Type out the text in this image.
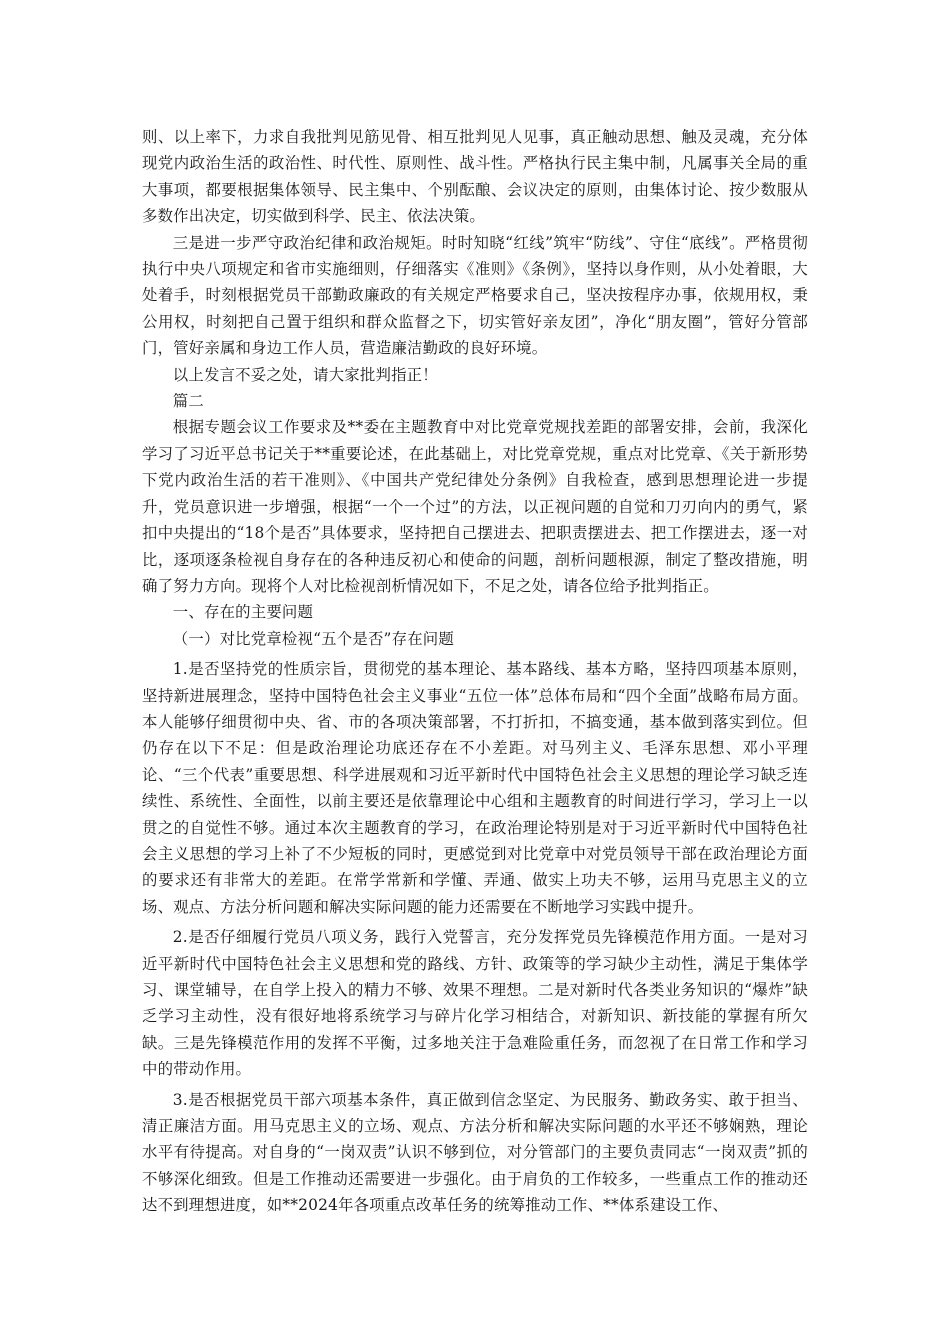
则、以上率下，力求自我批判见筋见骨、相互批判见人见事，真正触动思想、触及灵魂，充分体现党内政治生活的政治性、时代性、原则性、战斗性。严格执行民主集中制，凡属事关全局的重大事项，都要根据集体领导、民主集中、个别酝酿、会议决定的原则，由集体讨论、按少数服从多数作出决定，切实做到科学、民主、依法决策。

三是进一步严守政治纪律和政治规矩。时时知晓“红线”筑牢“防线”、守住“底线”。严格贯彻执行中央八项规定和省市实施细则，仔细落实《准则》《条例》，坚持以身作则，从小处着眼，大处着手，时刻根据党员干部勤政廉政的有关规定严格要求自己，坚决按程序办事，依规用权，秉公用权，时刻把自己置于组织和群众监督之下，切实管好亲友团”，净化“朋友圈”，管好分管部门，管好亲属和身边工作人员，营造廉洁勤政的良好环境。

以上发言不妥之处，请大家批判指正！

篇二

根据专题会议工作要求及**委在主题教育中对比党章党规找差距的部署安排，会前，我深化学习了习近平总书记关于**重要论述，在此基础上，对比党章党规，重点对比党章、《关于新形势下党内政治生活的若干准则》、《中国共产党纪律处分条例》自我检查，感到思想理论进一步提升，党员意识进一步增强，根据“一个一个过”的方法，以正视问题的自觉和刀刃向内的勇气，紧扣中央提出的“18个是否”具体要求，坚持把自己摆进去、把职责摆进去、把工作摆进去，逐一对比，逐项逐条检视自身存在的各种违反初心和使命的问题，剖析问题根源，制定了整改措施，明确了努力方向。现将个人对比检视剖析情况如下，不足之处，请各位给予批判指正。

一、存在的主要问题

（一）对比党章检视“五个是否”存在问题

1.是否坚持党的性质宗旨，贯彻党的基本理论、基本路线、基本方略，坚持四项基本原则，坚持新进展理念，坚持中国特色社会主义事业“五位一体”总体布局和“四个全面”战略布局方面。本人能够仔细贯彻中央、省、市的各项决策部署，不打折扣，不搞变通，基本做到落实到位。但仍存在以下不足：但是政治理论功底还存在不小差距。对马列主义、毛泽东思想、邓小平理论、“三个代表”重要思想、科学进展观和习近平新时代中国特色社会主义思想的理论学习缺乏连续性、系统性、全面性，以前主要还是依靠理论中心组和主题教育的时间进行学习，学习上一以贯之的自觉性不够。通过本次主题教育的学习，在政治理论特别是对于习近平新时代中国特色社会主义思想的学习上补了不少短板的同时，更感觉到对比党章中对党员领导干部在政治理论方面的要求还有非常大的差距。在常学常新和学懂、弄通、做实上功夫不够，运用马克思主义的立场、观点、方法分析问题和解决实际问题的能力还需要在不断地学习实践中提升。

2.是否仔细履行党员八项义务，践行入党誓言，充分发挥党员先锋模范作用方面。一是对习近平新时代中国特色社会主义思想和党的路线、方针、政策等的学习缺少主动性，满足于集体学习、课堂辅导，在自学上投入的精力不够、效果不理想。二是对新时代各类业务知识的“爆炸”缺乏学习主动性，没有很好地将系统学习与碎片化学习相结合，对新知识、新技能的掌握有所欠缺。三是先锋模范作用的发挥不平衡，过多地关注于急难险重任务，而忽视了在日常工作和学习中的带动作用。

3.是否根据党员干部六项基本条件，真正做到信念坚定、为民服务、勤政务实、敢于担当、清正廉洁方面。用马克思主义的立场、观点、方法分析和解决实际问题的水平还不够娴熟，理论水平有待提高。对自身的“一岗双责”认识不够到位，对分管部门的主要负责同志“一岗双责”抓的不够深化细致。但是工作推动还需要进一步强化。由于肩负的工作较多，一些重点工作的推动还达不到理想进度，如**2024年各项重点改革任务的统筹推动工作、**体系建设工作、
